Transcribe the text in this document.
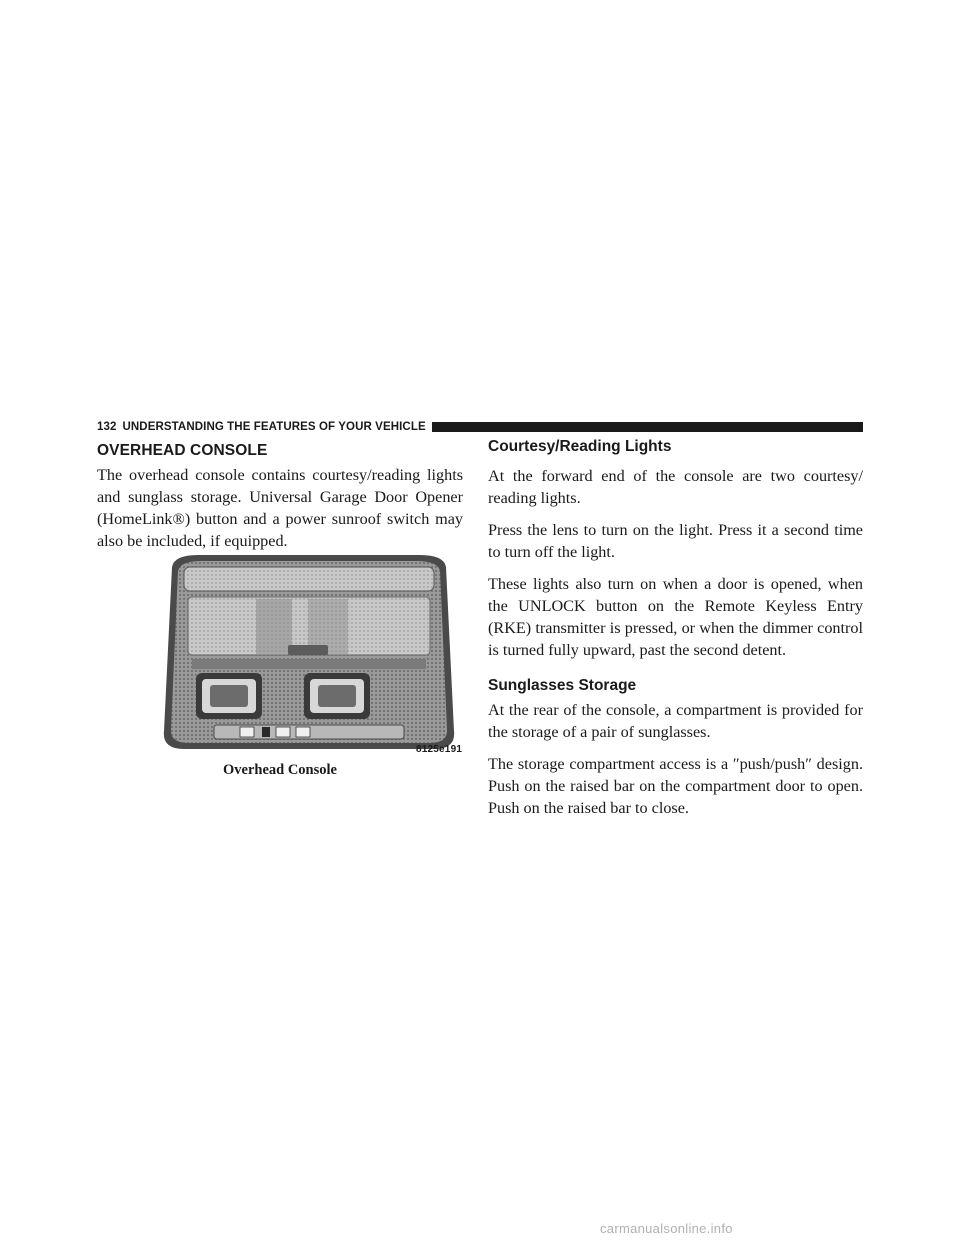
132 UNDERSTANDING THE FEATURES OF YOUR VEHICLE
OVERHEAD CONSOLE

The overhead console contains courtesy/reading lights and sunglass storage. Universal Garage Door Opener (HomeLink®) button and a power sunroof switch may also be included, if equipped.

8125e191
Overhead Console
Courtesy/Reading Lights

At the forward end of the console are two courtesy/ reading lights.

Press the lens to turn on the light. Press it a second time to turn off the light.

These lights also turn on when a door is opened, when the UNLOCK button on the Remote Keyless Entry (RKE) transmitter is pressed, or when the dimmer control is turned fully upward, past the second detent.

Sunglasses Storage

At the rear of the console, a compartment is provided for the storage of a pair of sunglasses.

The storage compartment access is a ″push/push″ design. Push on the raised bar on the compartment door to open. Push on the raised bar to close.

carmanualsonline.info
